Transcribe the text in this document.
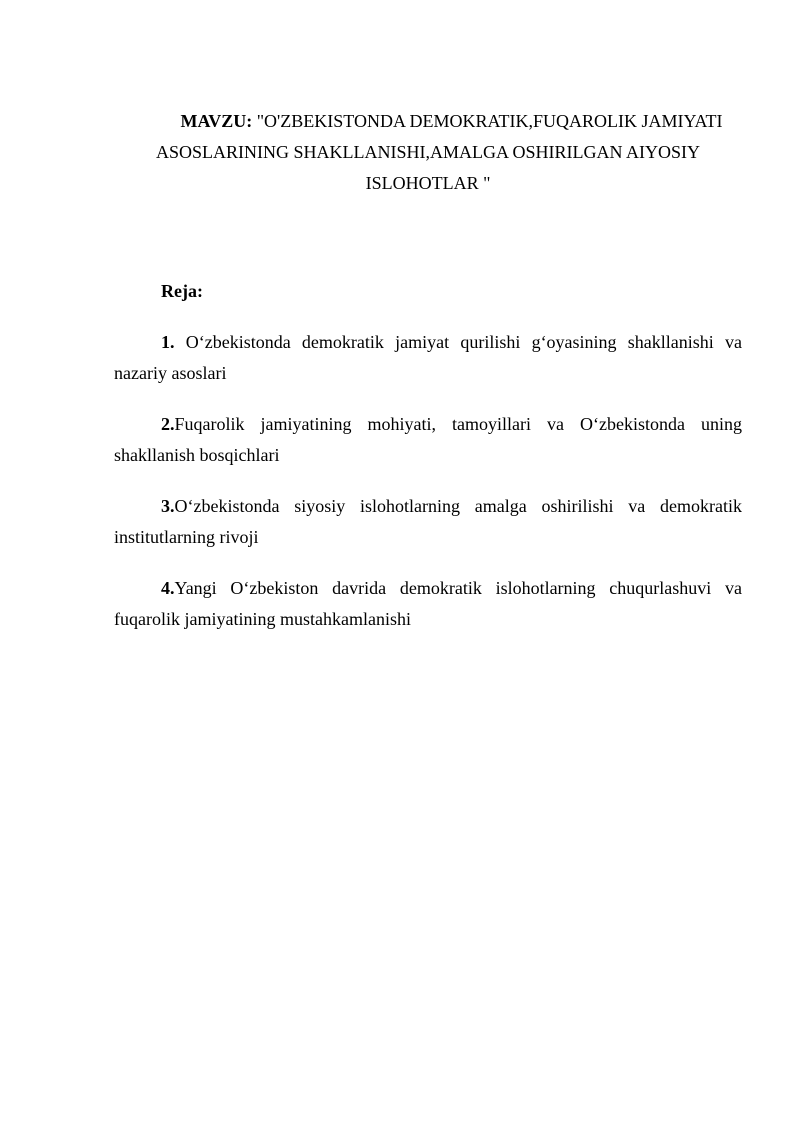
MAVZU: "O'ZBEKISTONDA DEMOKRATIK,FUQAROLIK JAMIYATI ASOSLARINING SHAKLLANISHI,AMALGA OSHIRILGAN AIYOSIY ISLOHOTLAR "

Reja:

1. O‘zbekistonda demokratik jamiyat qurilishi g‘oyasining shakllanishi va nazariy asoslari
2.Fuqarolik jamiyatining mohiyati, tamoyillari va O‘zbekistonda uning shakllanish bosqichlari
3.O‘zbekistonda siyosiy islohotlarning amalga oshirilishi va demokratik institutlarning rivoji
4.Yangi O‘zbekiston davrida demokratik islohotlarning chuqurlashuvi va fuqarolik jamiyatining mustahkamlanishi
